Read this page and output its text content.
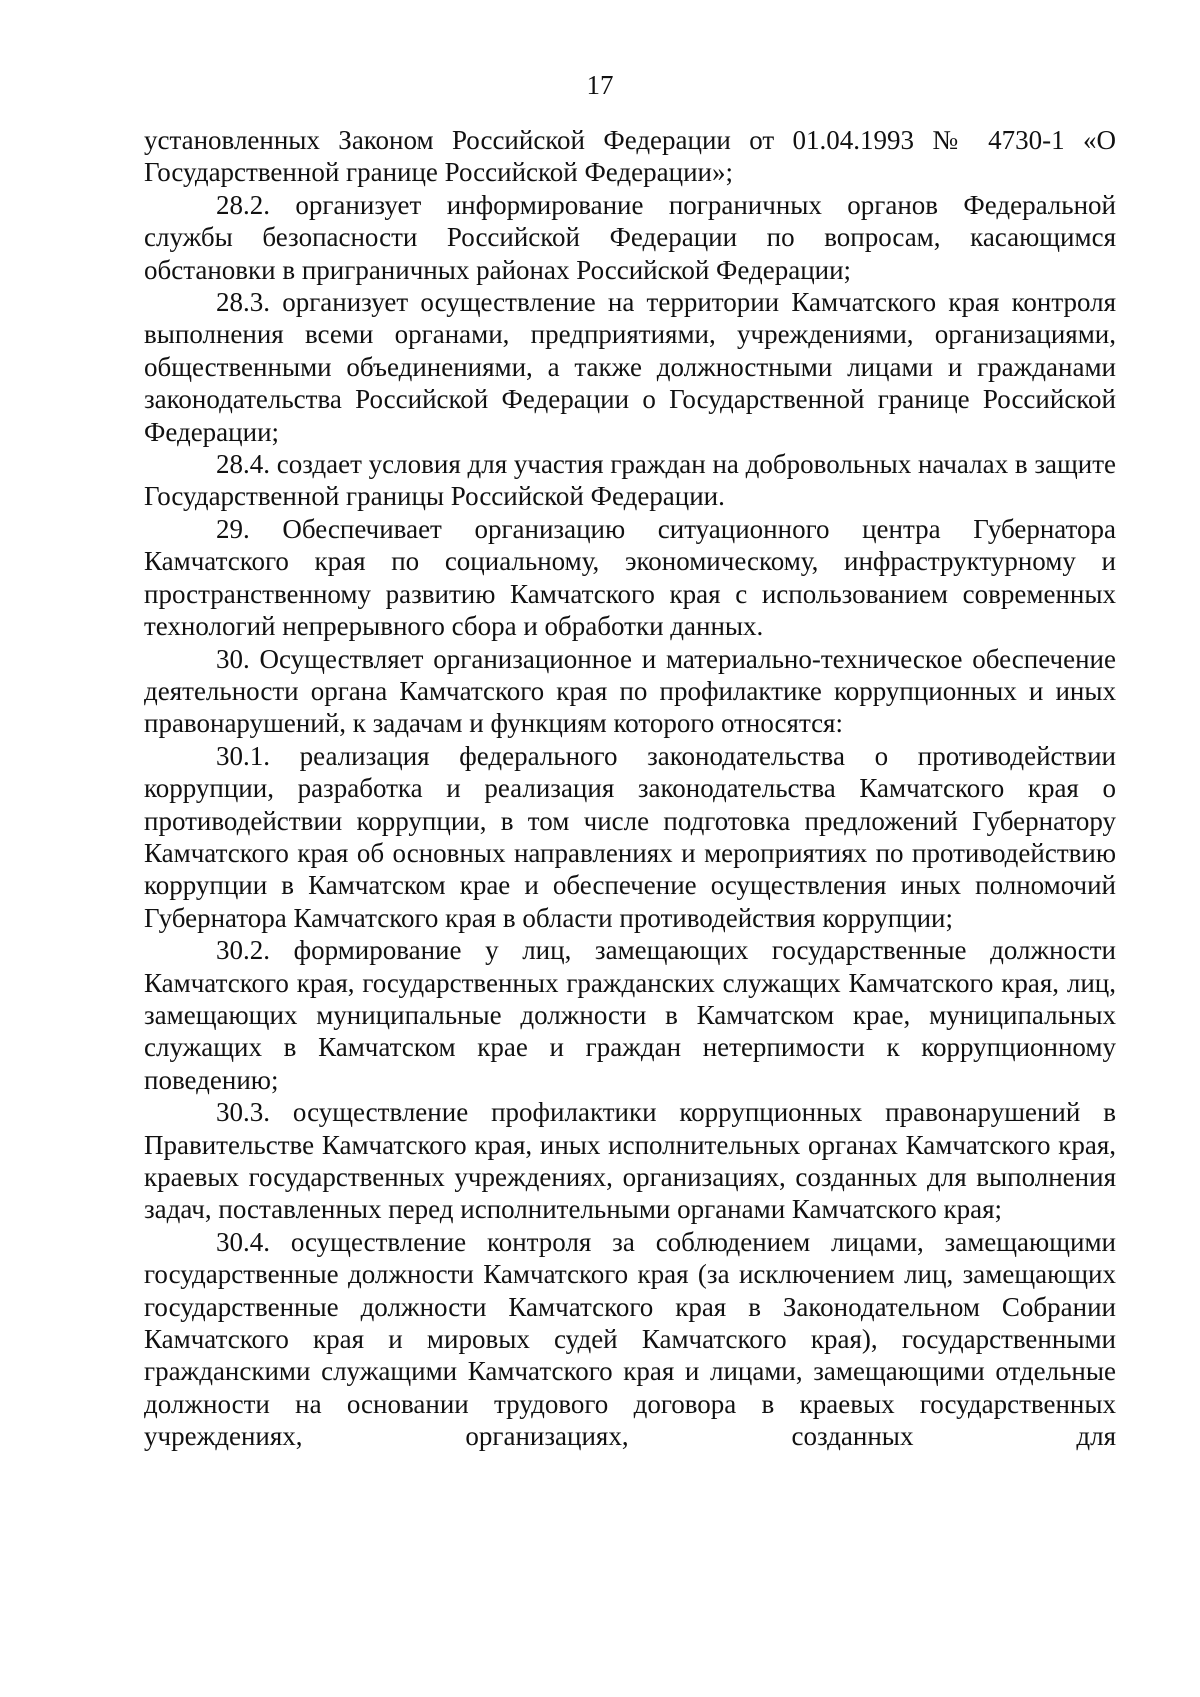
17

установленных Законом Российской Федерации от 01.04.1993 № 4730-1 «О Государственной границе Российской Федерации»;

28.2. организует информирование пограничных органов Федеральной службы безопасности Российской Федерации по вопросам, касающимся обстановки в приграничных районах Российской Федерации;

28.3. организует осуществление на территории Камчатского края контроля выполнения всеми органами, предприятиями, учреждениями, организациями, общественными объединениями, а также должностными лицами и гражданами законодательства Российской Федерации о Государственной границе Российской Федерации;

28.4. создает условия для участия граждан на добровольных началах в защите Государственной границы Российской Федерации.

29. Обеспечивает организацию ситуационного центра Губернатора Камчатского края по социальному, экономическому, инфраструктурному и пространственному развитию Камчатского края с использованием современных технологий непрерывного сбора и обработки данных.

30. Осуществляет организационное и материально-техническое обеспечение деятельности органа Камчатского края по профилактике коррупционных и иных правонарушений, к задачам и функциям которого относятся:

30.1. реализация федерального законодательства о противодействии коррупции, разработка и реализация законодательства Камчатского края о противодействии коррупции, в том числе подготовка предложений Губернатору Камчатского края об основных направлениях и мероприятиях по противодействию коррупции в Камчатском крае и обеспечение осуществления иных полномочий Губернатора Камчатского края в области противодействия коррупции;

30.2. формирование у лиц, замещающих государственные должности Камчатского края, государственных гражданских служащих Камчатского края, лиц, замещающих муниципальные должности в Камчатском крае, муниципальных служащих в Камчатском крае и граждан нетерпимости к коррупционному поведению;

30.3. осуществление профилактики коррупционных правонарушений в Правительстве Камчатского края, иных исполнительных органах Камчатского края, краевых государственных учреждениях, организациях, созданных для выполнения задач, поставленных перед исполнительными органами Камчатского края;

30.4. осуществление контроля за соблюдением лицами, замещающими государственные должности Камчатского края (за исключением лиц, замещающих государственные должности Камчатского края в Законодательном Собрании Камчатского края и мировых судей Камчатского края), государственными гражданскими служащими Камчатского края и лицами, замещающими отдельные должности на основании трудового договора в краевых государственных учреждениях, организациях, созданных для
